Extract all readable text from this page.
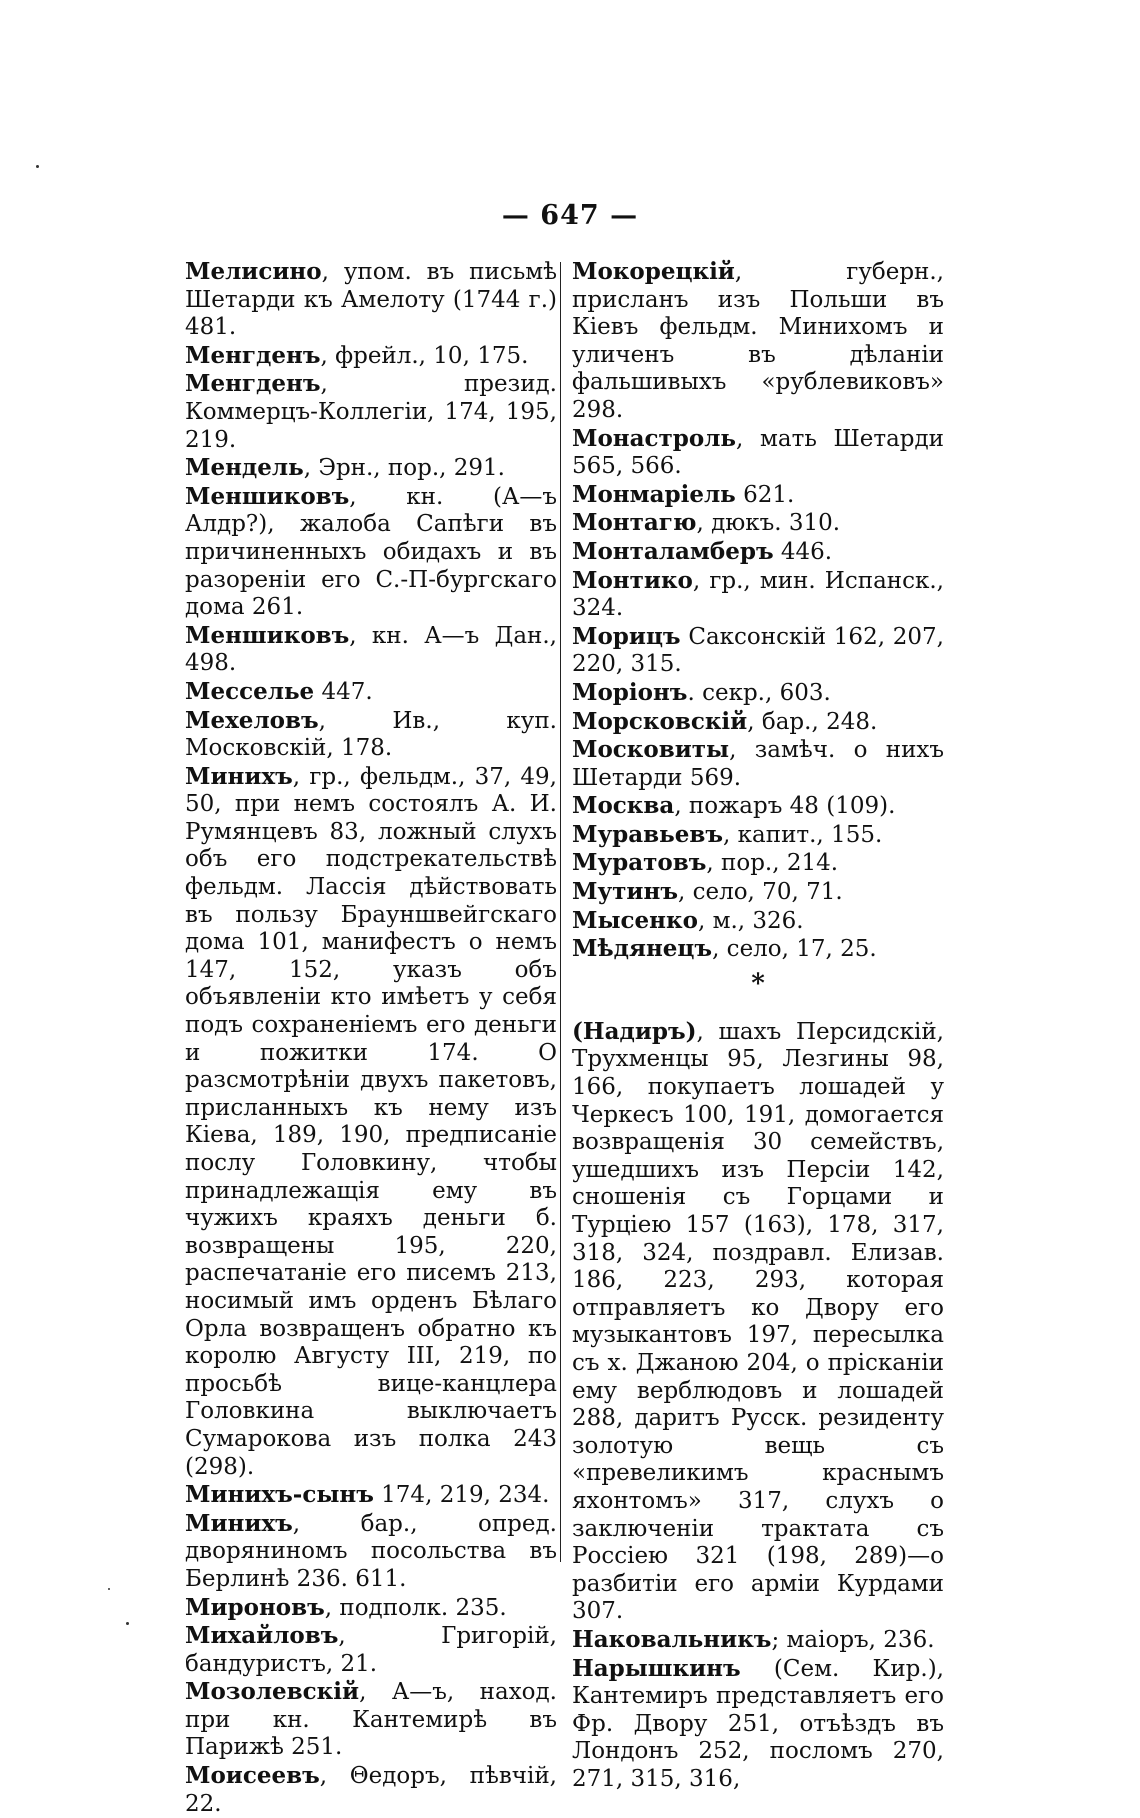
— 647 —

Мелисино, упом. въ письмѣ Шетарди къ Амелоту (1744 г.) 481.

Менгденъ, фрейл., 10, 175.

Менгденъ, презид. Коммерцъ-Коллегіи, 174, 195, 219.

Мендель, Эрн., пор., 291.

Меншиковъ, кн. (А—ъ Алдр?), жалоба Сапѣги въ причиненныхъ обидахъ и въ разореніи его С.-П-бургскаго дома 261.

Меншиковъ, кн. А—ъ Дан., 498.

Мессельe 447.

Мехеловъ, Ив., куп. Московскій, 178.

Минихъ, гр., фельдм., 37, 49, 50, при немъ состоялъ А. И. Румянцевъ 83, ложный слухъ объ его подстрекательствѣ фельдм. Лассія дѣйствовать въ пользу Брауншвейгскаго дома 101, манифестъ о немъ 147, 152, указъ объ объявленіи кто имѣетъ у себя подъ сохраненіемъ его деньги и пожитки 174. О разсмотрѣніи двухъ пакетовъ, присланныхъ къ нему изъ Кіева, 189, 190, предписаніе послу Головкину, чтобы принадлежащія ему въ чужихъ краяхъ деньги б. возвращены 195, 220, распечатаніе его писемъ 213, носимый имъ орденъ Бѣлаго Орла возвращенъ обратно къ королю Августу III, 219, по просьбѣ вице-канцлера Головкина выключаетъ Сумарокова изъ полка 243 (298).

Минихъ-сынъ 174, 219, 234.

Минихъ, бар., опред. дворяниномъ посольства въ Берлинѣ 236. 611.

Мироновъ, подполк. 235.

Михайловъ, Григорій, бандуристъ, 21.

Мозолевскій, А—ъ, наход. при кн. Кантемирѣ въ Парижѣ 251.

Моисеевъ, Θедоръ, пѣвчій, 22.

Мокорецкій, губерн., присланъ изъ Польши въ Кіевъ фельдм. Минихомъ и уличенъ въ дѣланіи фальшивыхъ «рублевиковъ» 298.

Монастроль, мать Шетарди 565, 566.

Монмаріель 621.

Монтагю, дюкъ. 310.

Монталамберъ 446.

Монтико, гр., мин. Испанск., 324.

Морицъ Саксонскій 162, 207, 220, 315.

Моріонъ. секр., 603.

Морсковскій, бар., 248.

Московиты, замѣч. о нихъ Шетарди 569.

Москва, пожаръ 48 (109).

Муравьевъ, капит., 155.

Муратовъ, пор., 214.

Мутинъ, село, 70, 71.

Мысенко, м., 326.

Мѣдянецъ, село, 17, 25.

*

(Надиръ), шахъ Персидскій, Трухменцы 95, Лезгины 98, 166, покупаетъ лошадей у Черкесъ 100, 191, домогается возвращенія 30 семействъ, ушедшихъ изъ Персіи 142, сношенія съ Горцами и Турціею 157 (163), 178, 317, 318, 324, поздравл. Елизав. 186, 223, 293, которая отправляетъ ко Двору его музыкантовъ 197, пересылка съ х. Джаною 204, о прісканіи ему верблюдовъ и лошадей 288, даритъ Русск. резиденту золотую вещь съ «превеликимъ краснымъ яхонтомъ» 317, слухъ о заключеніи трактата съ Россіею 321 (198, 289)—о разбитіи его арміи Курдами 307.

Наковальникъ; маіоръ, 236.

Нарышкинъ (Сем. Кир.), Кантемиръ представляетъ его Фр. Двору 251, отъѣздъ въ Лондонъ 252, посломъ 270, 271, 315, 316,
